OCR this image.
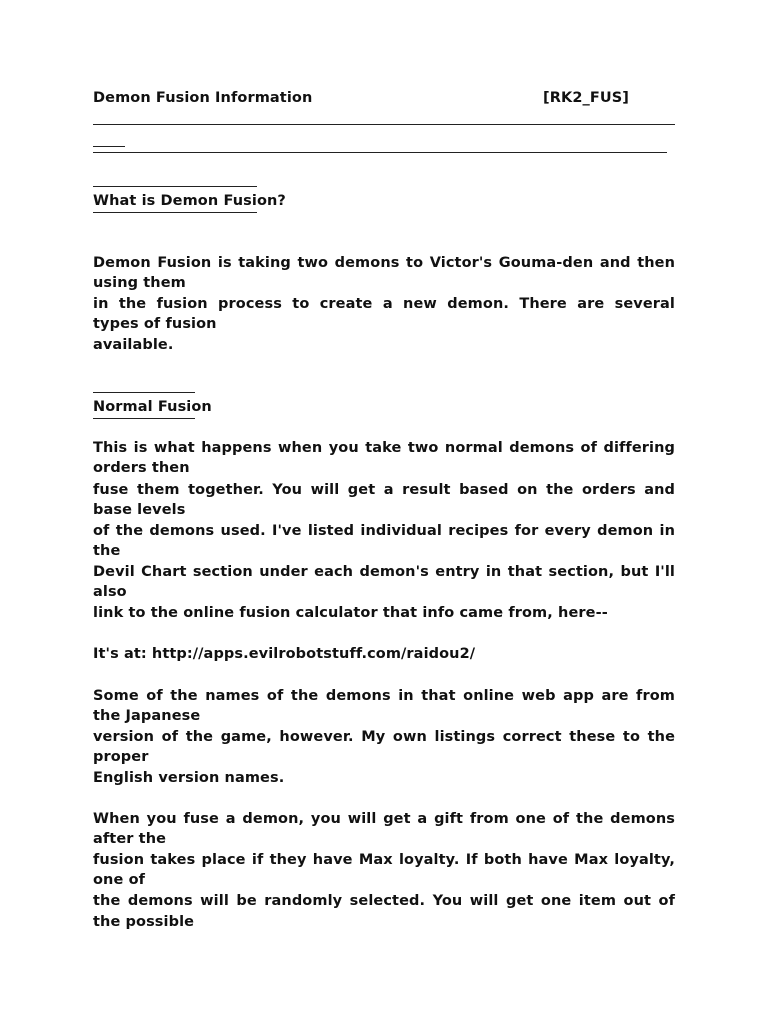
Demon Fusion Information	[RK2_FUS]
What is Demon Fusion?
Demon Fusion is taking two demons to Victor's Gouma-den and then
using them
in the fusion process to create a new demon. There are several
types of fusion
available.
Normal Fusion
This is what happens when you take two normal demons of differing
orders then
fuse them together. You will get a result based on the orders and
base levels
of the demons used. I've listed individual recipes for every demon in
the
Devil Chart section under each demon's entry in that section, but I'll
also
link to the online fusion calculator that info came from, here--
It's at: http://apps.evilrobotstuff.com/raidou2/
Some of the names of the demons in that online web app are from
the Japanese
version of the game, however. My own listings correct these to the
proper
English version names.
When you fuse a demon, you will get a gift from one of the demons
after the
fusion takes place if they have Max loyalty. If both have Max loyalty,
one of
the demons will be randomly selected. You will get one item out of
the possible
